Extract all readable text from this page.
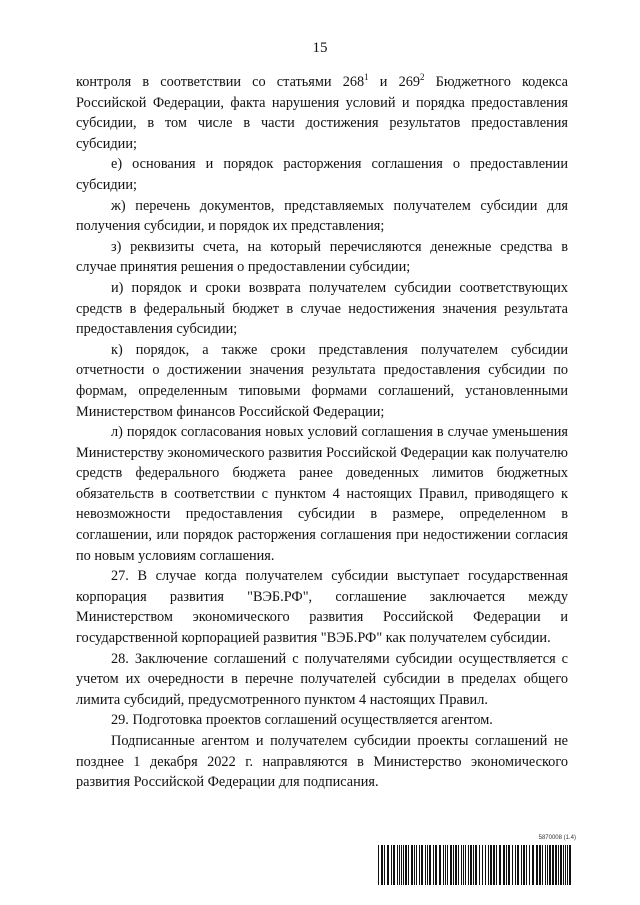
15

контроля в соответствии со статьями $268^1$ и $269^2$ Бюджетного кодекса Российской Федерации, факта нарушения условий и порядка предоставления субсидии, в том числе в части достижения результатов предоставления субсидии;

е) основания и порядок расторжения соглашения о предоставлении субсидии;

ж) перечень документов, представляемых получателем субсидии для получения субсидии, и порядок их представления;

з) реквизиты счета, на который перечисляются денежные средства в случае принятия решения о предоставлении субсидии;

и) порядок и сроки возврата получателем субсидии соответствующих средств в федеральный бюджет в случае недостижения значения результата предоставления субсидии;

к) порядок, а также сроки представления получателем субсидии отчетности о достижении значения результата предоставления субсидии по формам, определенным типовыми формами соглашений, установленными Министерством финансов Российской Федерации;

л) порядок согласования новых условий соглашения в случае уменьшения Министерству экономического развития Российской Федерации как получателю средств федерального бюджета ранее доведенных лимитов бюджетных обязательств в соответствии с пунктом 4 настоящих Правил, приводящего к невозможности предоставления субсидии в размере, определенном в соглашении, или порядок расторжения соглашения при недостижении согласия по новым условиям соглашения.

27. В случае когда получателем субсидии выступает государственная корпорация развития "ВЭБ.РФ", соглашение заключается между Министерством экономического развития Российской Федерации и государственной корпорацией развития "ВЭБ.РФ" как получателем субсидии.

28. Заключение соглашений с получателями субсидии осуществляется с учетом их очередности в перечне получателей субсидии в пределах общего лимита субсидий, предусмотренного пунктом 4 настоящих Правил.

29. Подготовка проектов соглашений осуществляется агентом.

Подписанные агентом и получателем субсидии проекты соглашений не позднее 1 декабря 2022 г. направляются в Министерство экономического развития Российской Федерации для подписания.

5870008 (1.4)
